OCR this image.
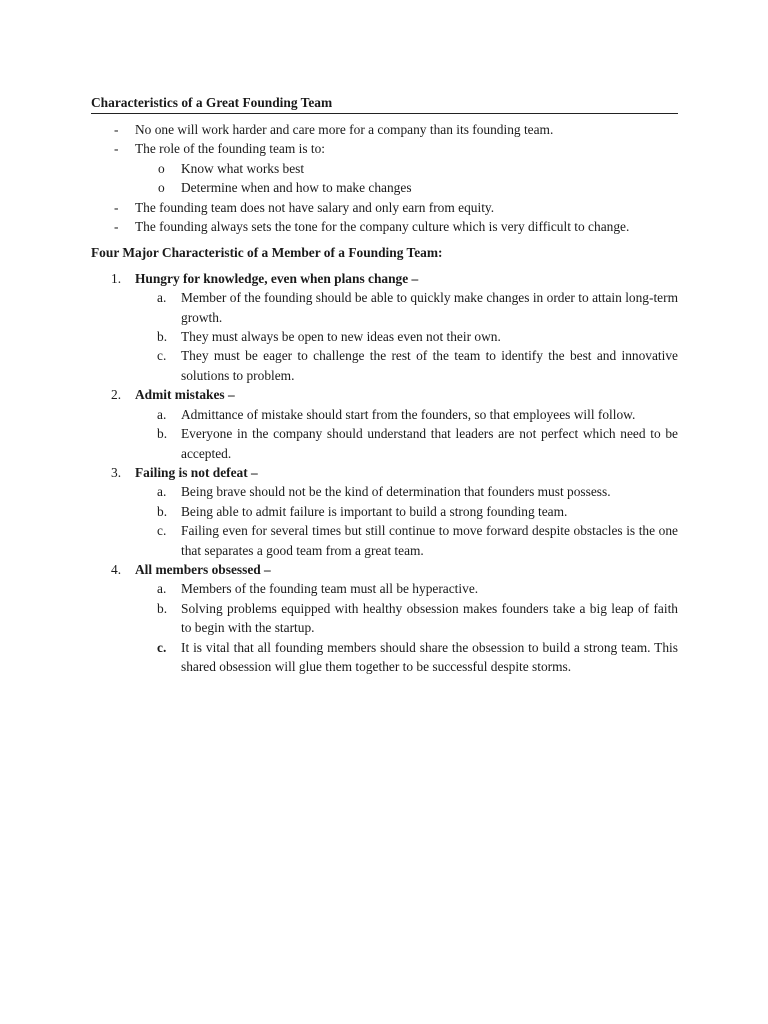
Characteristics of a Great Founding Team
- No one will work harder and care more for a company than its founding team.
- The role of the founding team is to:
o Know what works best
o Determine when and how to make changes
- The founding team does not have salary and only earn from equity.
- The founding always sets the tone for the company culture which is very difficult to change.
Four Major Characteristic of a Member of a Founding Team:
1. Hungry for knowledge, even when plans change –
a. Member of the founding should be able to quickly make changes in order to attain long-term growth.
b. They must always be open to new ideas even not their own.
c. They must be eager to challenge the rest of the team to identify the best and innovative solutions to problem.
2. Admit mistakes –
a. Admittance of mistake should start from the founders, so that employees will follow.
b. Everyone in the company should understand that leaders are not perfect which need to be accepted.
3. Failing is not defeat –
a. Being brave should not be the kind of determination that founders must possess.
b. Being able to admit failure is important to build a strong founding team.
c. Failing even for several times but still continue to move forward despite obstacles is the one that separates a good team from a great team.
4. All members obsessed –
a. Members of the founding team must all be hyperactive.
b. Solving problems equipped with healthy obsession makes founders take a big leap of faith to begin with the startup.
c. It is vital that all founding members should share the obsession to build a strong team. This shared obsession will glue them together to be successful despite storms.
